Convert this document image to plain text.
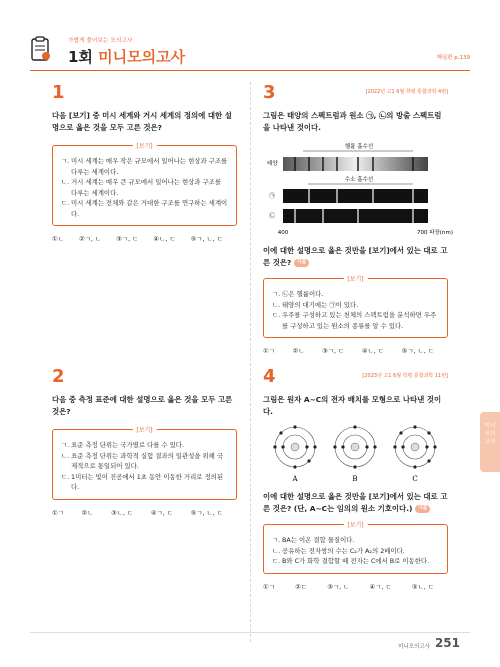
가볍게 풀어보는 모의고사
1회 미니모의고사	핵심편 p.139
1
다음 [보기] 중 미시 세계와 거시 세계의 정의에 대한 설명으로 옳은 것을 모두 고른 것은?
[보기]
ㄱ. 미시 세계는 매우 작은 규모에서 일어나는 현상과 구조를 다루는 세계이다.
ㄴ. 거시 세계는 매우 큰 규모에서 일어나는 현상과 구조를 다루는 세계이다.
ㄷ. 미시 세계는 전체와 같은 거대한 구조를 연구하는 세계이다.
①ㄴ ②ㄱ, ㄴ ③ㄱ, ㄷ ④ㄴ, ㄷ ⑤ㄱ, ㄴ, ㄷ
2
다음 중 측정 표준에 대한 설명으로 옳은 것을 모두 고른 것은?
[보기]
ㄱ. 표준 측정 단위는 국가별로 다를 수 있다.
ㄴ. 표준 측정 단위는 과학적 실험 결과의 일관성을 위해 국제적으로 통일되어 있다.
ㄷ. 1미터는 빛이 진공에서 1초 동안 이동한 거리로 정의된다.
①ㄱ	②ㄴ	③ㄴ, ㄷ	④ㄱ, ㄷ	⑤ㄱ, ㄴ, ㄷ
3	[2022년 고1 6월 학평 통합과학 4번]
그림은 태양의 스펙트럼과 원소 ㉠, ㉡의 방출 스펙트럼을 나타낸 것이다.
헬륨 흡수선
태양
수소 흡수선
㉠
㉡
400	700 파장(nm)
이에 대한 설명으로 옳은 것만을 [보기]에서 있는 대로 고른 것은? 기출
[보기]
ㄱ. ㉡은 헬륨이다.
ㄴ. 태양의 대기에는 ㉠이 있다.
ㄷ. 우주를 구성하고 있는 천체의 스펙트럼을 분석하면 우주를 구성하고 있는 원소의 종류를 알 수 있다.
①ㄱ	②ㄴ	③ㄱ, ㄷ	④ㄴ, ㄷ	⑤ㄱ, ㄴ, ㄷ
4	[2023년 고1 6월 학평 통합과학 11번]
그림은 원자 A~C의 전자 배치를 모형으로 나타낸 것이다.
A	B	C
이에 대한 설명으로 옳은 것만을 [보기]에서 있는 대로 고른 것은? (단, A~C는 임의의 원소 기호이다.) 기출
[보기]
ㄱ. BA는 이온 결합 물질이다.
ㄴ. 공유하는 전자쌍의 수는 C₂가 A₂의 2배이다.
ㄷ. B와 C가 화학 결합할 때 전자는 C에서 B로 이동한다.
①ㄱ	②ㄷ	③ㄱ, ㄴ	④ㄱ, ㄷ	⑤ㄴ, ㄷ
미니
모의
고사
미니모의고사 251
